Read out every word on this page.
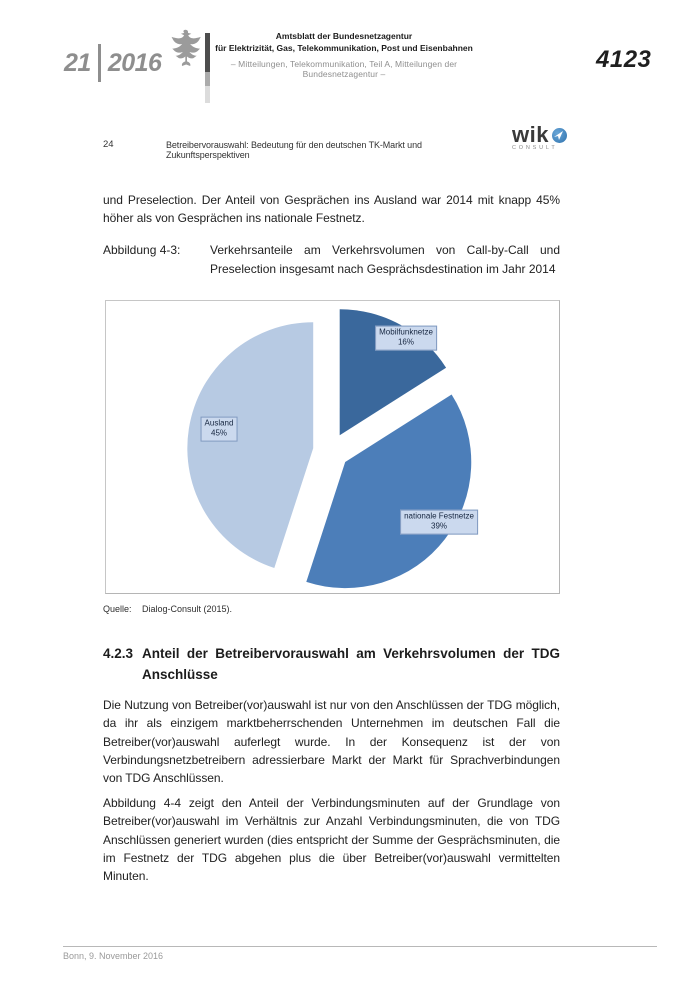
21 2016
Amtsblatt der Bundesnetzagentur
für Elektrizität, Gas, Telekommunikation, Post und Eisenbahnen
– Mitteilungen, Telekommunikation, Teil A, Mitteilungen der Bundesnetzagentur –
4123
24	Betreibervorauswahl: Bedeutung für den deutschen TK-Markt und Zukunftsperspektiven
wik
CONSULT
und Preselection. Der Anteil von Gesprächen ins Ausland war 2014 mit knapp 45% höher als von Gesprächen ins nationale Festnetz.
Abbildung 4-3:	Verkehrsanteile am Verkehrsvolumen von Call-by-Call und Preselection insgesamt nach Gesprächsdestination im Jahr 2014
Mobilfunknetze
16%
nationale Festnetze
39%
Ausland
45%
Quelle:	Dialog-Consult (2015).
4.2.3 Anteil der Betreibervorauswahl am Verkehrsvolumen der TDG Anschlüsse
Die Nutzung von Betreiber(vor)auswahl ist nur von den Anschlüssen der TDG möglich, da ihr als einzigem marktbeherrschenden Unternehmen im deutschen Fall die Betreiber(vor)auswahl auferlegt wurde. In der Konsequenz ist der von Verbindungsnetzbetreibern adressierbare Markt der Markt für Sprachverbindungen von TDG Anschlüssen.
Abbildung 4-4 zeigt den Anteil der Verbindungsminuten auf der Grundlage von Betreiber(vor)auswahl im Verhältnis zur Anzahl Verbindungsminuten, die von TDG Anschlüssen generiert wurden (dies entspricht der Summe der Gesprächsminuten, die im Festnetz der TDG abgehen plus die über Betreiber(vor)auswahl vermittelten Minuten.
Bonn, 9. November 2016
